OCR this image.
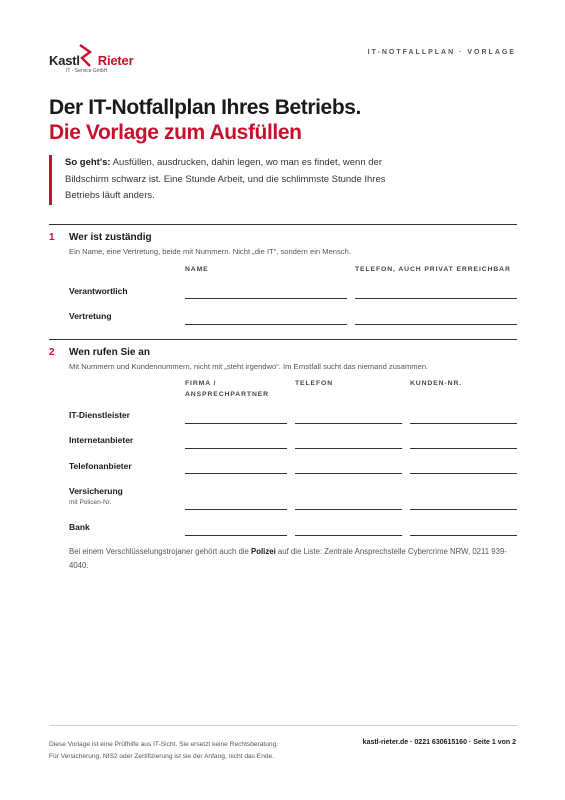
Kastl Rieter
IT - Service GmbH
IT-NOTFALLPLAN · VORLAGE
Der IT-Notfallplan Ihres Betriebs.
Die Vorlage zum Ausfüllen
So geht's: Ausfüllen, ausdrucken, dahin legen, wo man es findet, wenn der Bildschirm schwarz ist. Eine Stunde Arbeit, und die schlimmste Stunde Ihres Betriebs läuft anders.
1 Wer ist zuständig
Ein Name, eine Vertretung, beide mit Nummern. Nicht „die IT“, sondern ein Mensch.
NAME	TELEFON, AUCH PRIVAT ERREICHBAR
Verantwortlich
Vertretung
2 Wen rufen Sie an
Mit Nummern und Kundennummern, nicht mit „steht irgendwo“. Im Ernstfall sucht das niemand zusammen.
FIRMA /
ANSPRECHPARTNER
TELEFON	KUNDEN-NR.
IT-Dienstleister
Internetanbieter
Telefonanbieter
Versicherung
mit Policen-Nr.
Bank
Bei einem Verschlüsselungstrojaner gehört auch die Polizei auf die Liste: Zentrale Ansprechstelle Cybercrime NRW, 0211 939-4040.
Diese Vorlage ist eine Prüfhilfe aus IT-Sicht. Sie ersetzt keine Rechtsberatung.
Für Versicherung, NIS2 oder Zertifizierung ist sie der Anfang, nicht das Ende.
kastl-rieter.de · 0221 630615160 · Seite 1 von 2
